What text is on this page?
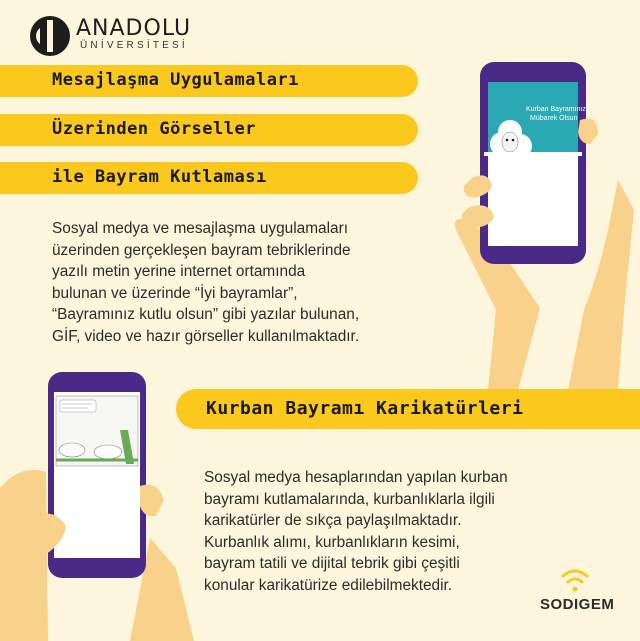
ANADOLU
ÜNİVERSİTESİ
Mesajlaşma Uygulamaları
Üzerinden Görseller
ile Bayram Kutlaması
Sosyal medya ve mesajlaşma uygulamaları
üzerinden gerçekleşen bayram tebriklerinde
yazılı metin yerine internet ortamında
bulunan ve üzerinde “İyi bayramlar”,
“Bayramınız kutlu olsun” gibi yazılar bulunan,
GİF, video ve hazır görseller kullanılmaktadır.
Kurban Bayramınız
Mübarek Olsun
Kurban Bayramı Karikatürleri
Sosyal medya hesaplarından yapılan kurban
bayramı kutlamalarında, kurbanlıklarla ilgili
karikatürler de sıkça paylaşılmaktadır.
Kurbanlık alımı, kurbanlıkların kesimi,
bayram tatili ve dijital tebrik gibi çeşitli
konular karikatürize edilebilmektedir.
SODIGEM
